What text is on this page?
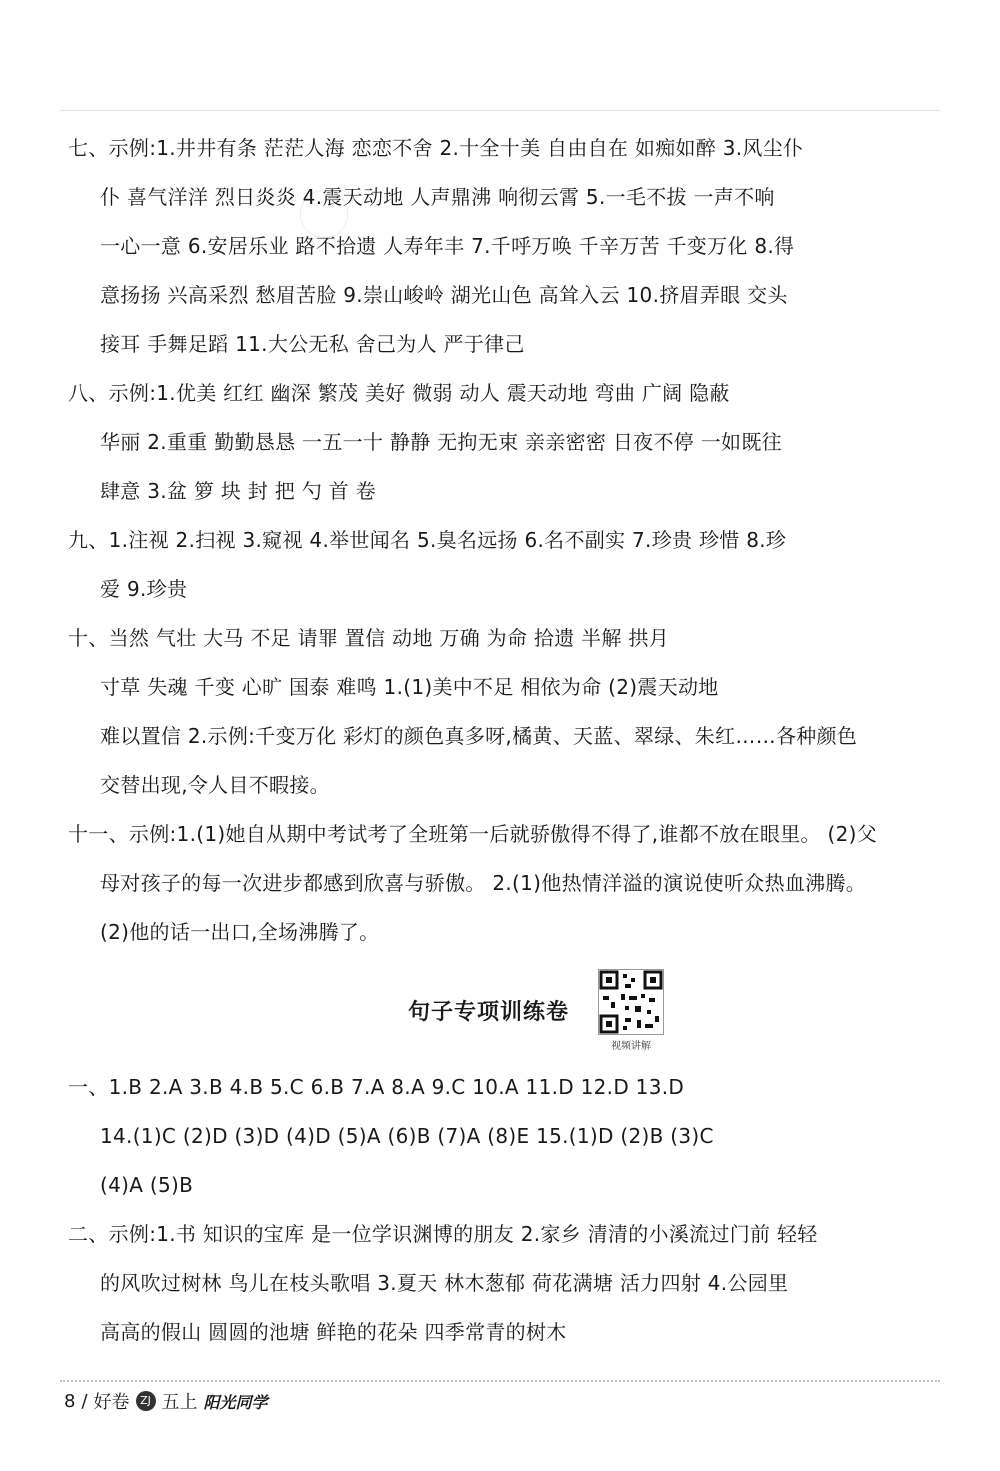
七、示例:1.井井有条 茫茫人海 恋恋不舍 2.十全十美 自由自在 如痴如醉 3.风尘仆
仆 喜气洋洋 烈日炎炎 4.震天动地 人声鼎沸 响彻云霄 5.一毛不拔 一声不响
一心一意 6.安居乐业 路不拾遗 人寿年丰 7.千呼万唤 千辛万苦 千变万化 8.得
意扬扬 兴高采烈 愁眉苦脸 9.崇山峻岭 湖光山色 高耸入云 10.挤眉弄眼 交头
接耳 手舞足蹈 11.大公无私 舍己为人 严于律己
八、示例:1.优美 红红 幽深 繁茂 美好 微弱 动人 震天动地 弯曲 广阔 隐蔽
华丽 2.重重 勤勤恳恳 一五一十 静静 无拘无束 亲亲密密 日夜不停 一如既往
肆意 3.盆 箩 块 封 把 勺 首 卷
九、1.注视 2.扫视 3.窥视 4.举世闻名 5.臭名远扬 6.名不副实 7.珍贵 珍惜 8.珍
爱 9.珍贵
十、当然 气壮 大马 不足 请罪 置信 动地 万确 为命 拾遗 半解 拱月
寸草 失魂 千变 心旷 国泰 难鸣 1.(1)美中不足 相依为命 (2)震天动地
难以置信 2.示例:千变万化 彩灯的颜色真多呀,橘黄、天蓝、翠绿、朱红……各种颜色
交替出现,令人目不暇接。
十一、示例:1.(1)她自从期中考试考了全班第一后就骄傲得不得了,谁都不放在眼里。 (2)父
母对孩子的每一次进步都感到欣喜与骄傲。 2.(1)他热情洋溢的演说使听众热血沸腾。
(2)他的话一出口,全场沸腾了。
句子专项训练卷
视频讲解
一、1.B 2.A 3.B 4.B 5.C 6.B 7.A 8.A 9.C 10.A 11.D 12.D 13.D
14.(1)C (2)D (3)D (4)D (5)A (6)B (7)A (8)E 15.(1)D (2)B (3)C
(4)A (5)B
二、示例:1.书 知识的宝库 是一位学识渊博的朋友 2.家乡 清清的小溪流过门前 轻轻
的风吹过树林 鸟儿在枝头歌唱 3.夏天 林木葱郁 荷花满塘 活力四射 4.公园里
高高的假山 圆圆的池塘 鲜艳的花朵 四季常青的树木
8 / 好卷 ZJ 五上 阳光同学
